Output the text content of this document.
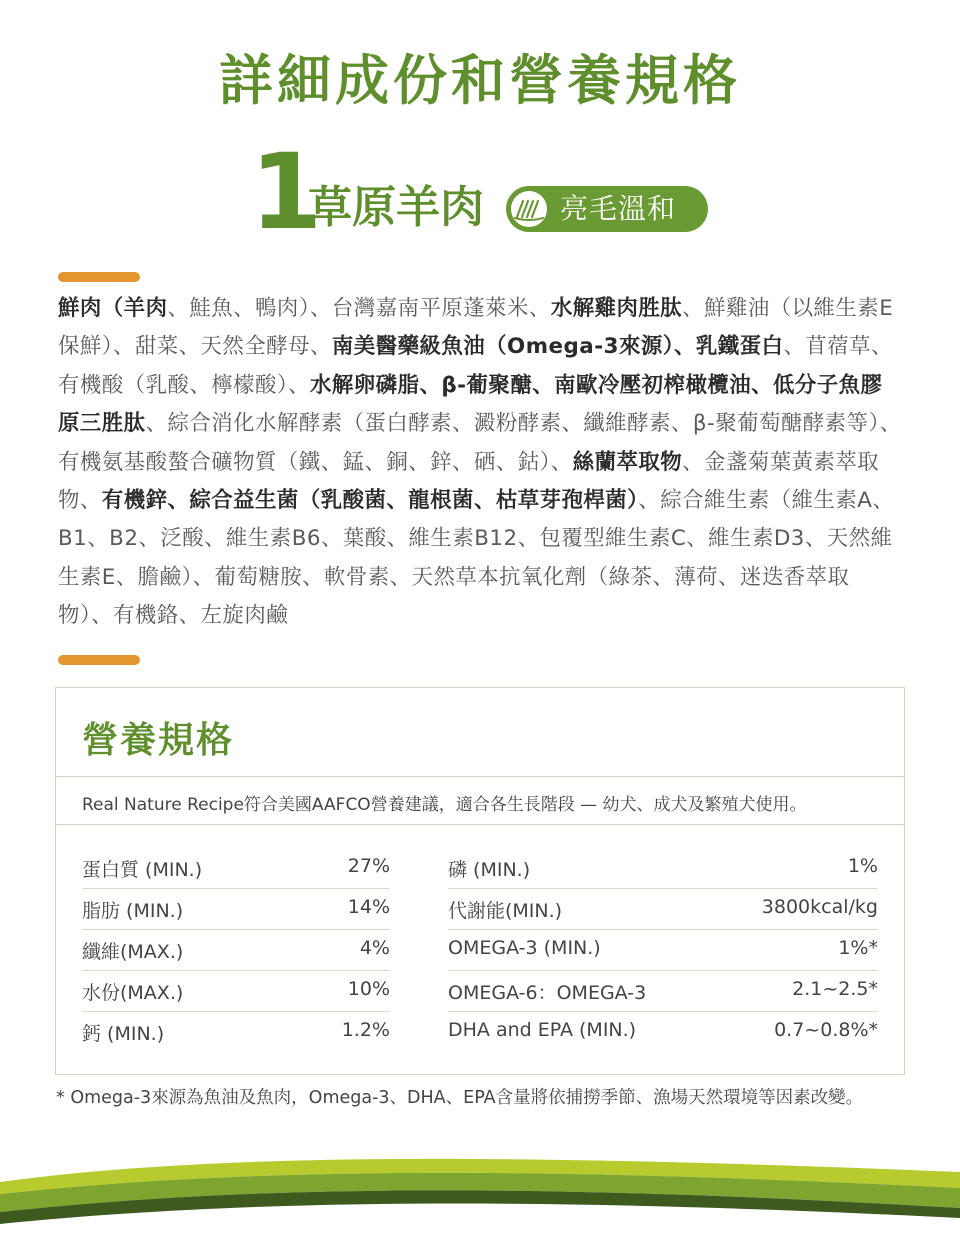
詳細成份和營養規格
1
草原羊肉	亮毛溫和
鮮肉（羊肉、鮭魚、鴨肉）、台灣嘉南平原蓬萊米、水解雞肉胜肽、鮮雞油（以維生素E保鮮）、甜菜、天然全酵母、南美醫藥級魚油（Omega-3來源）、乳鐵蛋白、苜蓿草、有機酸（乳酸、檸檬酸）、水解卵磷脂、β-葡聚醣、南歐冷壓初榨橄欖油、低分子魚膠原三胜肽、綜合消化水解酵素（蛋白酵素、澱粉酵素、纖維酵素、β-聚葡萄醣酵素等）、有機氨基酸螯合礦物質（鐵、錳、銅、鋅、硒、鈷）、絲蘭萃取物、金盞菊葉黃素萃取物、有機鋅、綜合益生菌（乳酸菌、龍根菌、枯草芽孢桿菌）、綜合維生素（維生素A、B1、B2、泛酸、維生素B6、葉酸、維生素B12、包覆型維生素C、維生素D3、天然維生素E、膽鹼）、葡萄糖胺、軟骨素、天然草本抗氧化劑（綠茶、薄荷、迷迭香萃取物）、有機鉻、左旋肉鹼
營養規格
Real Nature Recipe符合美國AAFCO營養建議，適合各生長階段 — 幼犬、成犬及繁殖犬使用。
蛋白質 (MIN.)	27%
脂肪 (MIN.)	14%
纖維(MAX.)	4%
水份(MAX.)	10%
鈣 (MIN.)	1.2%
磷 (MIN.)	1%
代謝能(MIN.)	3800kcal/kg
OMEGA-3 (MIN.)	1%*
OMEGA-6：OMEGA-3	2.1~2.5*
DHA and EPA (MIN.)	0.7~0.8%*
* Omega-3來源為魚油及魚肉，Omega-3、DHA、EPA含量將依捕撈季節、漁場天然環境等因素改變。
